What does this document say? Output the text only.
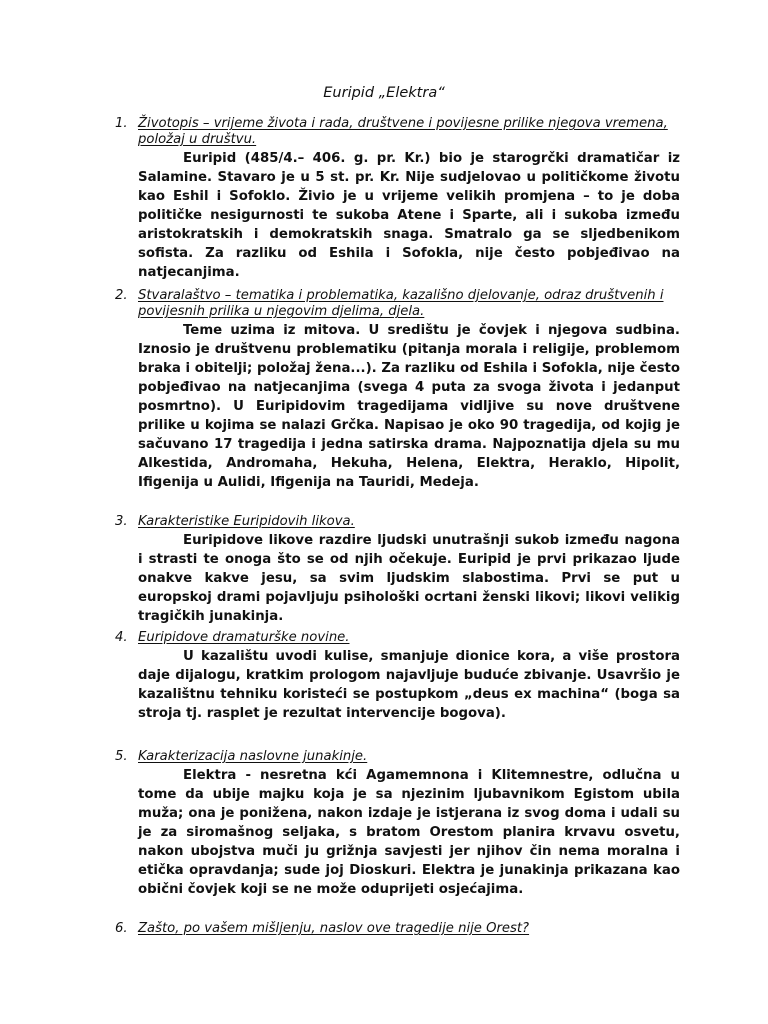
Euripid „Elektra“
1. Životopis – vrijeme života i rada, društvene i povijesne prilike njegova vremena, položaj u društvu.
Euripid (485/4.– 406. g. pr. Kr.) bio je starogrčki dramatičar iz Salamine. Stavaro je u 5 st. pr. Kr. Nije sudjelovao u političkome životu kao Eshil i Sofoklo. Živio je u vrijeme velikih promjena – to je doba političke nesigurnosti te sukoba Atene i Sparte, ali i sukoba između aristokratskih i demokratskih snaga. Smatralo ga se sljedbenikom sofista. Za razliku od Eshila i Sofokla, nije često pobjeđivao na natjecanjima.
2. Stvaralaštvo – tematika i problematika, kazališno djelovanje, odraz društvenih i povijesnih prilika u njegovim djelima, djela.
Teme uzima iz mitova. U središtu je čovjek i njegova sudbina. Iznosio je društvenu problematiku (pitanja morala i religije, problemom braka i obitelji; položaj žena...). Za razliku od Eshila i Sofokla, nije često pobjeđivao na natjecanjima (svega 4 puta za svoga života i jedanput posmrtno). U Euripidovim tragedijama vidljive su nove društvene prilike u kojima se nalazi Grčka. Napisao je oko 90 tragedija, od kojig je sačuvano 17 tragedija i jedna satirska drama. Najpoznatija djela su mu Alkestida, Andromaha, Hekuha, Helena, Elektra, Heraklo, Hipolit, Ifigenija u Aulidi, Ifigenija na Tauridi, Medeja.
3. Karakteristike Euripidovih likova.
Euripidove likove razdire ljudski unutrašnji sukob između nagona i strasti te onoga što se od njih očekuje. Euripid je prvi prikazao ljude onakve kakve jesu, sa svim ljudskim slabostima. Prvi se put u europskoj drami pojavljuju psihološki ocrtani ženski likovi; likovi velikig tragičkih junakinja.
4. Euripidove dramaturške novine.
U kazalištu uvodi kulise, smanjuje dionice kora, a više prostora daje dijalogu, kratkim prologom najavljuje buduće zbivanje. Usavršio je kazalištnu tehniku koristeći se postupkom „deus ex machina“ (boga sa stroja tj. rasplet je rezultat intervencije bogova).
5. Karakterizacija naslovne junakinje.
Elektra - nesretna kći Agamemnona i Klitemnestre, odlučna u tome da ubije majku koja je sa njezinim ljubavnikom Egistom ubila muža; ona je ponižena, nakon izdaje je istjerana iz svog doma i udali su je za siromašnog seljaka, s bratom Orestom planira krvavu osvetu, nakon ubojstva muči ju grižnja savjesti jer njihov čin nema moralna i etička opravdanja; sude joj Dioskuri. Elektra je junakinja prikazana kao obični čovjek koji se ne može oduprijeti osjećajima.
6. Zašto, po vašem mišljenju, naslov ove tragedije nije Orest?
